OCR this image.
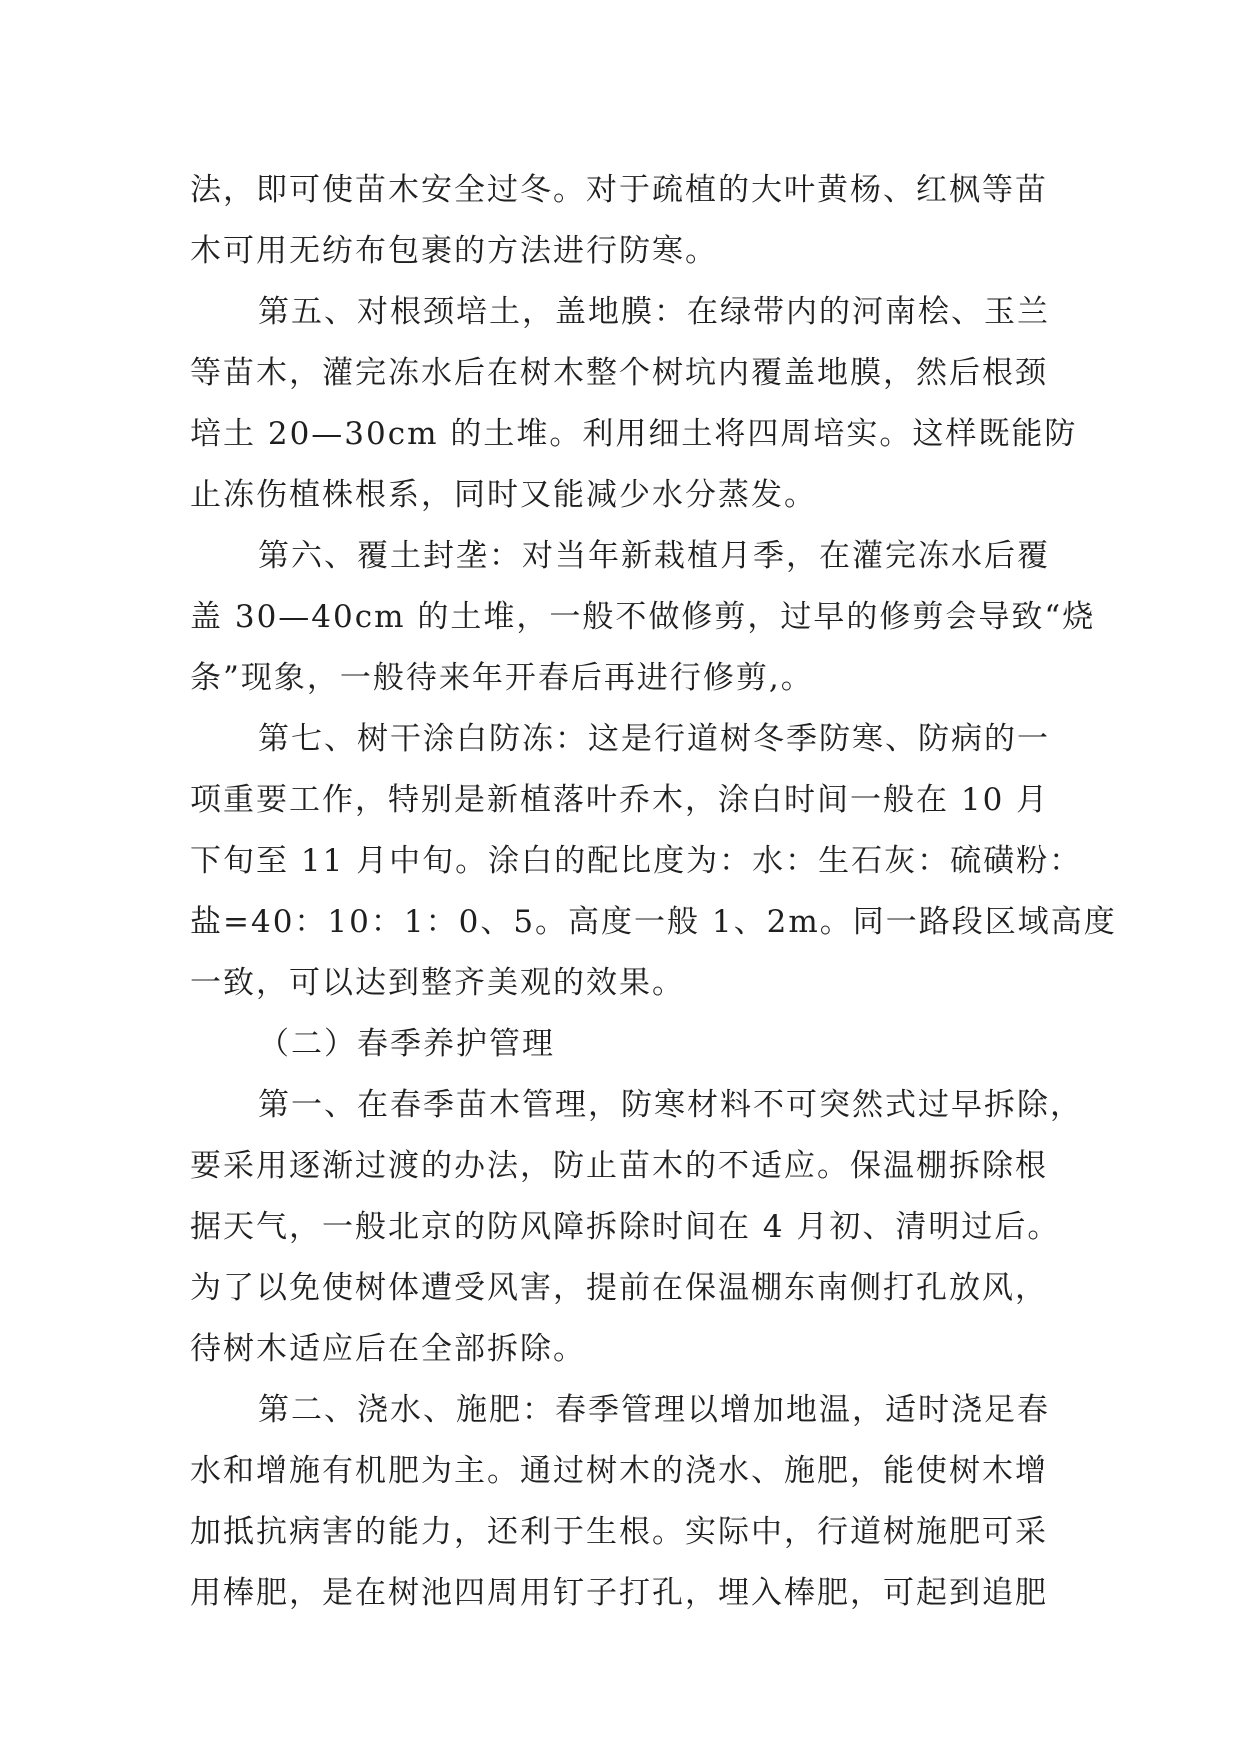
法，即可使苗木安全过冬。对于疏植的大叶黄杨、红枫等苗
木可用无纺布包裹的方法进行防寒。
第五、对根颈培土，盖地膜：在绿带内的河南桧、玉兰
等苗木，灌完冻水后在树木整个树坑内覆盖地膜，然后根颈
培土 20—30cm 的土堆。利用细土将四周培实。这样既能防
止冻伤植株根系，同时又能减少水分蒸发。
第六、覆土封垄：对当年新栽植月季，在灌完冻水后覆
盖 30—40cm 的土堆，一般不做修剪，过早的修剪会导致“烧
条”现象，一般待来年开春后再进行修剪,。
第七、树干涂白防冻：这是行道树冬季防寒、防病的一
项重要工作，特别是新植落叶乔木，涂白时间一般在 10 月
下旬至 11 月中旬。涂白的配比度为：水：生石灰：硫磺粉：
盐=40：10：1：0、5。高度一般 1、2m。同一路段区域高度
一致，可以达到整齐美观的效果。
（二）春季养护管理
第一、在春季苗木管理，防寒材料不可突然式过早拆除，
要采用逐渐过渡的办法，防止苗木的不适应。保温棚拆除根
据天气，一般北京的防风障拆除时间在 4 月初、清明过后。
为了以免使树体遭受风害，提前在保温棚东南侧打孔放风，
待树木适应后在全部拆除。
第二、浇水、施肥：春季管理以增加地温，适时浇足春
水和增施有机肥为主。通过树木的浇水、施肥，能使树木增
加抵抗病害的能力，还利于生根。实际中，行道树施肥可采
用棒肥，是在树池四周用钉子打孔，埋入棒肥，可起到追肥
